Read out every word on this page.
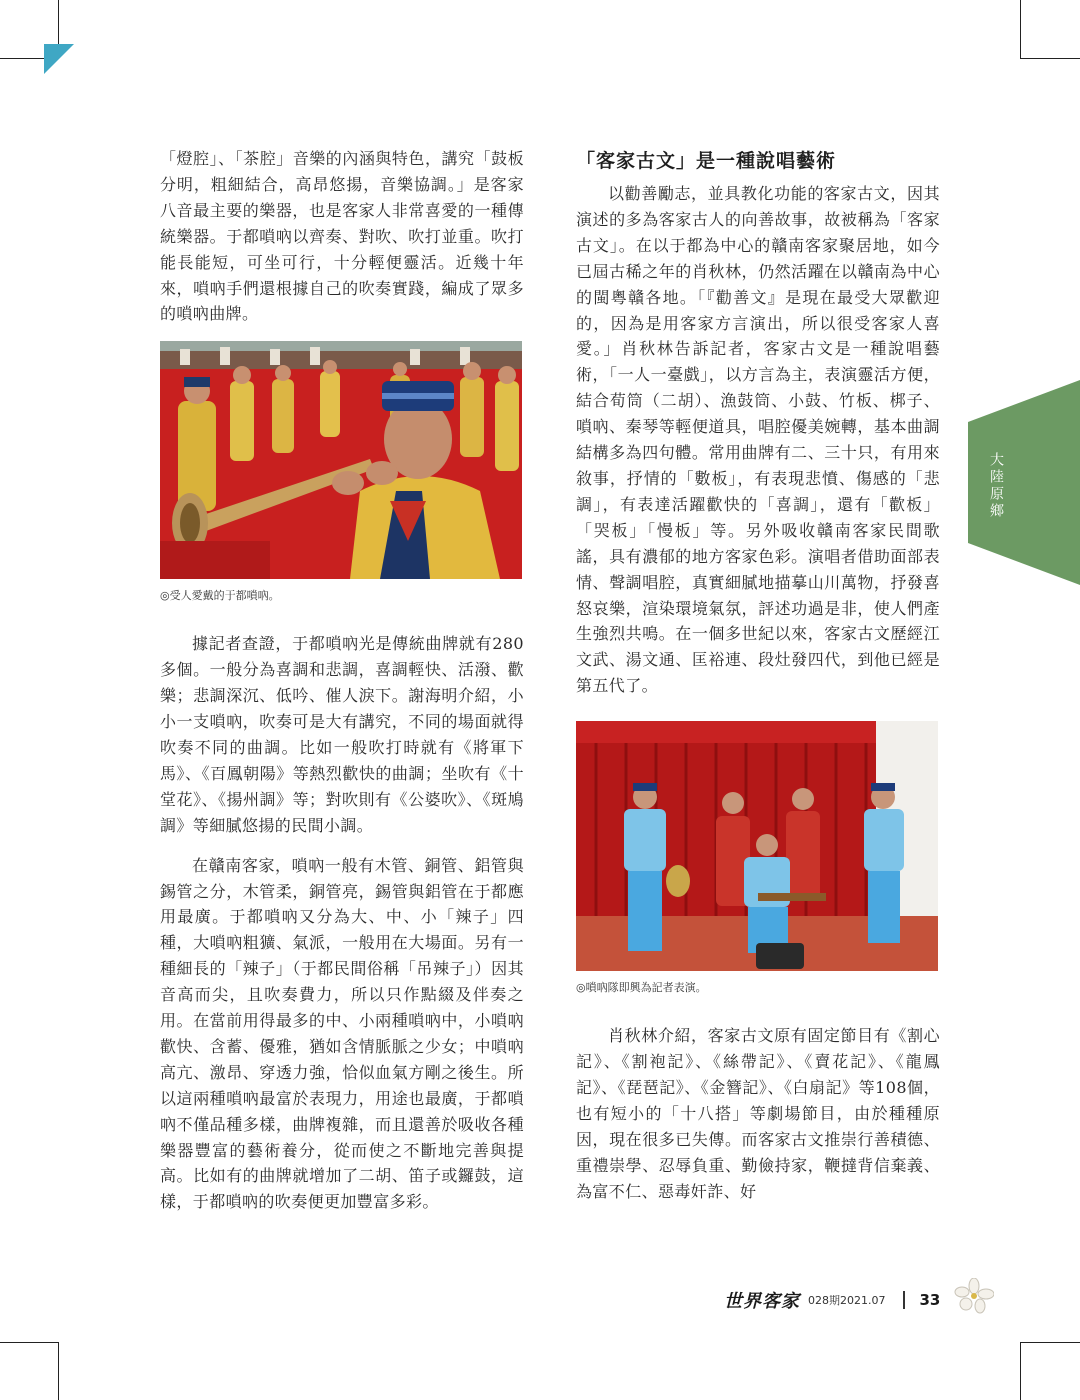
「燈腔」、「茶腔」音樂的內涵與特色，講究「鼓板分明，粗細結合，高昂悠揚，音樂協調。」是客家八音最主要的樂器，也是客家人非常喜愛的一種傳統樂器。于都嗩吶以齊奏、對吹、吹打並重。吹打能長能短，可坐可行，十分輕便靈活。近幾十年來，嗩吶手們還根據自己的吹奏實踐，編成了眾多的嗩吶曲牌。

◎受人愛戴的于都嗩吶。

據記者查證，于都嗩吶光是傳統曲牌就有280多個。一般分為喜調和悲調，喜調輕快、活潑、歡樂；悲調深沉、低吟、催人淚下。謝海明介紹，小小一支嗩吶，吹奏可是大有講究，不同的場面就得吹奏不同的曲調。比如一般吹打時就有《將軍下馬》、《百鳳朝陽》等熱烈歡快的曲調；坐吹有《十堂花》、《揚州調》等；對吹則有《公婆吹》、《斑鳩調》等細膩悠揚的民間小調。

在贛南客家，嗩吶一般有木管、銅管、鋁管與錫管之分，木管柔，銅管亮，錫管與鋁管在于都應用最廣。于都嗩吶又分為大、中、小「辣子」四種，大嗩吶粗獷、氣派，一般用在大場面。另有一種細長的「辣子」（于都民間俗稱「吊辣子」）因其音高而尖，且吹奏費力，所以只作點綴及伴奏之用。在當前用得最多的中、小兩種嗩吶中，小嗩吶歡快、含蓄、優雅，猶如含情脈脈之少女；中嗩吶高亢、激昂、穿透力強，恰似血氣方剛之後生。所以這兩種嗩吶最富於表現力，用途也最廣，于都嗩吶不僅品種多樣，曲牌複雜，而且還善於吸收各種樂器豐富的藝術養分，從而使之不斷地完善與提高。比如有的曲牌就增加了二胡、笛子或鑼鼓，這樣，于都嗩吶的吹奏便更加豐富多彩。

「客家古文」是一種說唱藝術

以勸善勵志，並具教化功能的客家古文，因其演述的多為客家古人的向善故事，故被稱為「客家古文」。在以于都為中心的贛南客家聚居地，如今已屆古稀之年的肖秋林，仍然活躍在以贛南為中心的閩粵贛各地。「『勸善文』是現在最受大眾歡迎的，因為是用客家方言演出，所以很受客家人喜愛。」肖秋林告訴記者，客家古文是一種說唱藝術，「一人一臺戲」，以方言為主，表演靈活方便，結合荀筒（二胡）、漁鼓筒、小鼓、竹板、梆子、嗩吶、秦琴等輕便道具，唱腔優美婉轉，基本曲調結構多為四句體。常用曲牌有二、三十只，有用來敘事，抒情的「數板」，有表現悲憤、傷感的「悲調」，有表達活躍歡快的「喜調」，還有「歡板」「哭板」「慢板」等。另外吸收贛南客家民間歌謠，具有濃郁的地方客家色彩。演唱者借助面部表情、聲調唱腔，真實細膩地描摹山川萬物，抒發喜怒哀樂，渲染環境氣氛，評述功過是非，使人們產生強烈共鳴。在一個多世紀以來，客家古文歷經江文武、湯文通、匡裕連、段灶發四代，到他已經是第五代了。

◎嗩吶隊即興為記者表演。

肖秋林介紹，客家古文原有固定節目有《割心記》、《割袍記》、《絲帶記》、《賣花記》、《龍鳳記》、《琵琶記》、《金簪記》、《白扇記》等108個，也有短小的「十八搭」等劇場節目，由於種種原因，現在很多已失傳。而客家古文推崇行善積德、重禮崇學、忍辱負重、勤儉持家，鞭撻背信棄義、為富不仁、惡毒奸詐、好

大陸原鄉
世界客家 028期2021.07 33
